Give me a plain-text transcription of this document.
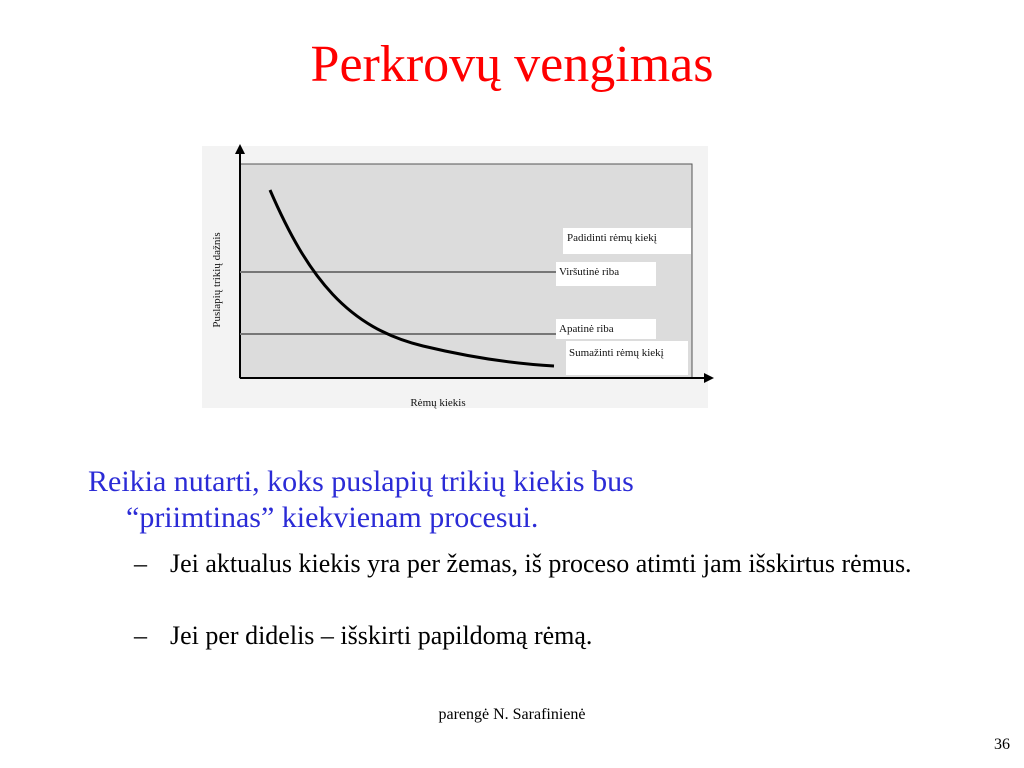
Perkrovų vengimas
Padidinti rėmų kiekį
Viršutinė riba
Apatinė riba
Sumažinti rėmų kiekį
Rėmų kiekis
Puslapių trikių dažnis
Reikia nutarti, koks puslapių trikių kiekis bus
“priimtinas” kiekvienam procesui.
– Jei aktualus kiekis yra per žemas, iš proceso atimti jam išskirtus rėmus.
– Jei per didelis – išskirti papildomą rėmą.
parengė N. Sarafinienė
36
